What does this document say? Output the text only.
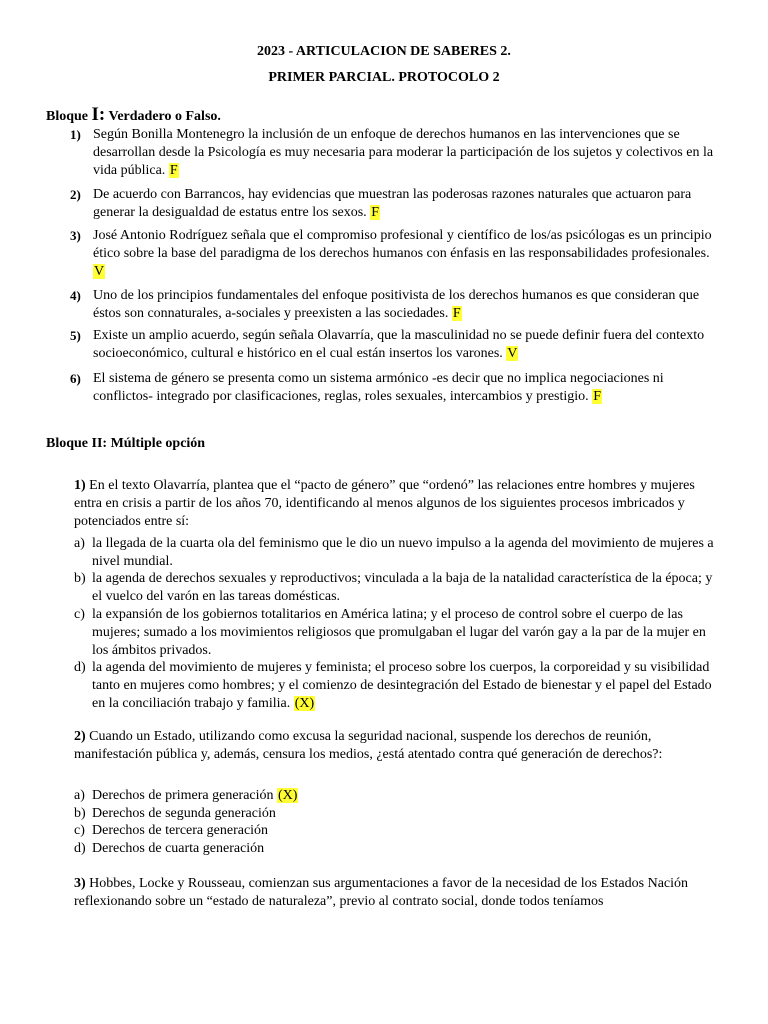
2023 - ARTICULACION DE SABERES 2.
PRIMER PARCIAL. PROTOCOLO 2
Bloque I: Verdadero o Falso.
1) Según Bonilla Montenegro la inclusión de un enfoque de derechos humanos en las intervenciones que se desarrollan desde la Psicología es muy necesaria para moderar la participación de los sujetos y colectivos en la vida pública. F
2) De acuerdo con Barrancos, hay evidencias que muestran las poderosas razones naturales que actuaron para generar la desigualdad de estatus entre los sexos. F
3) José Antonio Rodríguez señala que el compromiso profesional y científico de los/as psicólogas es un principio ético sobre la base del paradigma de los derechos humanos con énfasis en las responsabilidades profesionales. V
4) Uno de los principios fundamentales del enfoque positivista de los derechos humanos es que consideran que éstos son connaturales, a-sociales y preexisten a las sociedades. F
5) Existe un amplio acuerdo, según señala Olavarría, que la masculinidad no se puede definir fuera del contexto socioeconómico, cultural e histórico en el cual están insertos los varones. V
6) El sistema de género se presenta como un sistema armónico -es decir que no implica negociaciones ni conflictos- integrado por clasificaciones, reglas, roles sexuales, intercambios y prestigio. F
Bloque II: Múltiple opción
1) En el texto Olavarría, plantea que el “pacto de género” que “ordenó” las relaciones entre hombres y mujeres entra en crisis a partir de los años 70, identificando al menos algunos de los siguientes procesos imbricados y potenciados entre sí:
a) la llegada de la cuarta ola del feminismo que le dio un nuevo impulso a la agenda del movimiento de mujeres a nivel mundial.
b) la agenda de derechos sexuales y reproductivos; vinculada a la baja de la natalidad característica de la época; y el vuelco del varón en las tareas domésticas.
c) la expansión de los gobiernos totalitarios en América latina; y el proceso de control sobre el cuerpo de las mujeres; sumado a los movimientos religiosos que promulgaban el lugar del varón gay a la par de la mujer en los ámbitos privados.
d) la agenda del movimiento de mujeres y feminista; el proceso sobre los cuerpos, la corporeidad y su visibilidad tanto en mujeres como hombres; y el comienzo de desintegración del Estado de bienestar y el papel del Estado en la conciliación trabajo y familia. (X)
2) Cuando un Estado, utilizando como excusa la seguridad nacional, suspende los derechos de reunión, manifestación pública y, además, censura los medios, ¿está atentado contra qué generación de derechos?:
a) Derechos de primera generación (X)
b) Derechos de segunda generación
c) Derechos de tercera generación
d) Derechos de cuarta generación
3) Hobbes, Locke y Rousseau, comienzan sus argumentaciones a favor de la necesidad de los Estados Nación reflexionando sobre un “estado de naturaleza”, previo al contrato social, donde todos teníamos
